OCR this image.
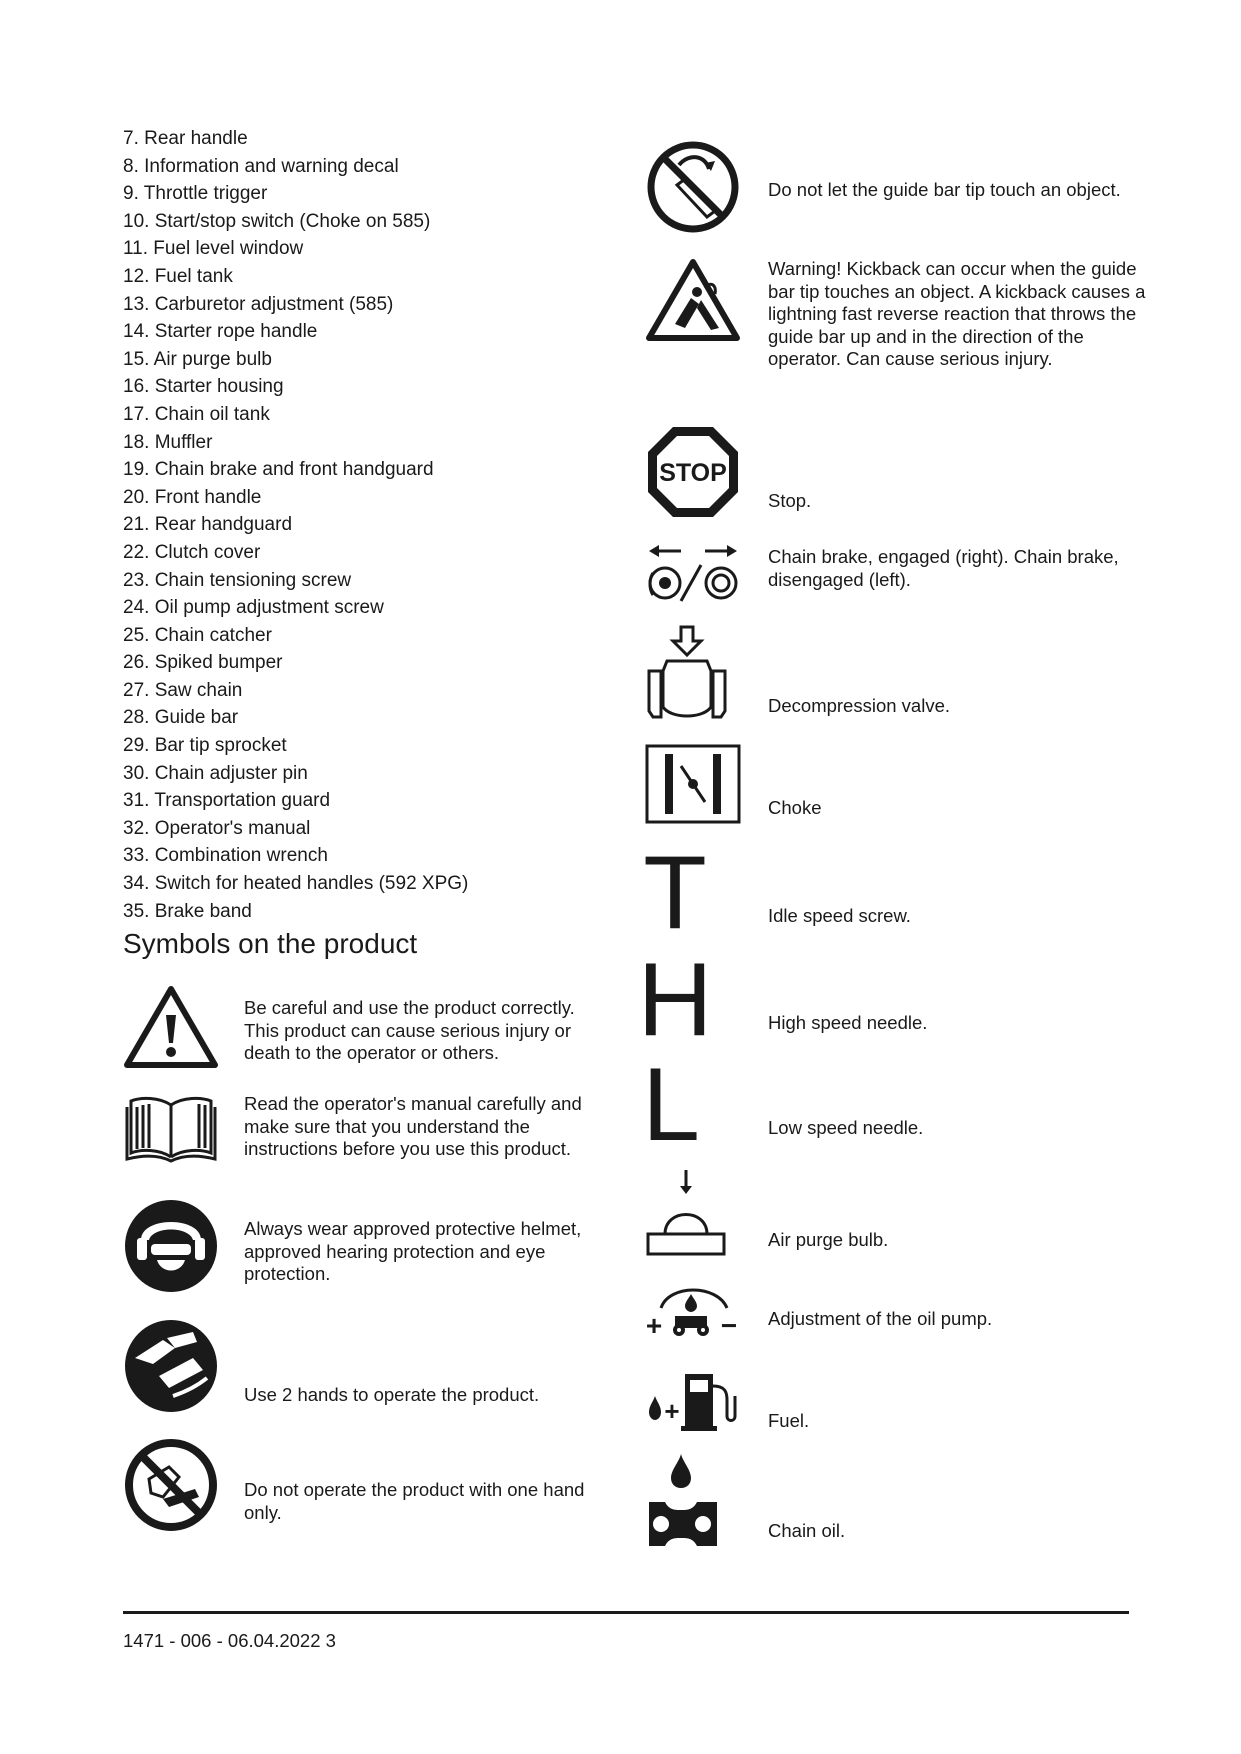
7. Rear handle
8. Information and warning decal
9. Throttle trigger
10. Start/stop switch (Choke on 585)
11. Fuel level window
12. Fuel tank
13. Carburetor adjustment (585)
14. Starter rope handle
15. Air purge bulb
16. Starter housing
17. Chain oil tank
18. Muffler
19. Chain brake and front handguard
20. Front handle
21. Rear handguard
22. Clutch cover
23. Chain tensioning screw
24. Oil pump adjustment screw
25. Chain catcher
26. Spiked bumper
27. Saw chain
28. Guide bar
29. Bar tip sprocket
30. Chain adjuster pin
31. Transportation guard
32. Operator's manual
33. Combination wrench
34. Switch for heated handles (592 XPG)
35. Brake band
Symbols on the product
Be careful and use the product correctly. This product can cause serious injury or death to the operator or others.
Read the operator's manual carefully and make sure that you understand the instructions before you use this product.
Always wear approved protective helmet, approved hearing protection and eye protection.
Use 2 hands to operate the product.
Do not operate the product with one hand only.
Do not let the guide bar tip touch an object.
Warning! Kickback can occur when the guide bar tip touches an object. A kickback causes a lightning fast reverse reaction that throws the guide bar up and in the direction of the operator. Can cause serious injury.
STOP
Stop.
Chain brake, engaged (right). Chain brake, disengaged (left).
Decompression valve.
Choke
T	Idle speed screw.
H	High speed needle.
L	Low speed needle.
Air purge bulb.
+ − Adjustment of the oil pump.
+	Fuel.
Chain oil.
1471 - 006 - 06.04.2022 3
